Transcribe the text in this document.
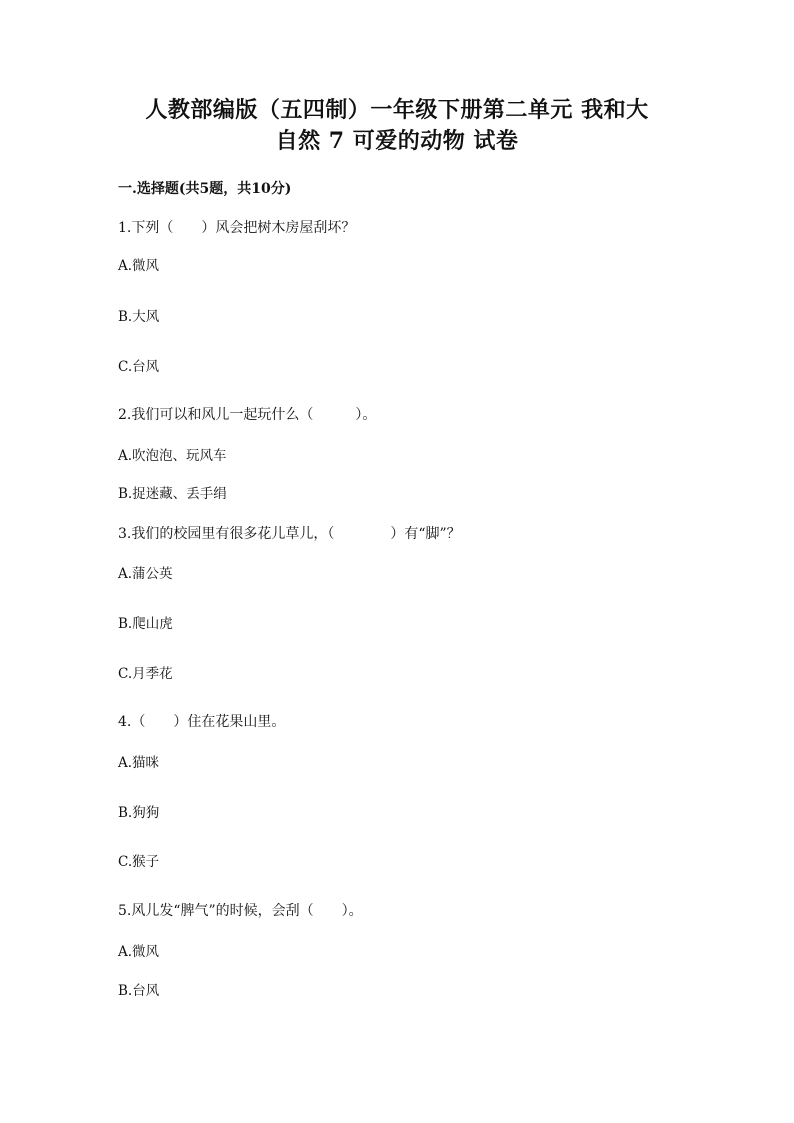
人教部编版（五四制）一年级下册第二单元 我和大
自然 7 可爱的动物 试卷
一.选择题(共5题，共10分)
1.下列（　　）风会把树木房屋刮坏？
A.微风
B.大风
C.台风
2.我们可以和风儿一起玩什么（　　　）。
A.吹泡泡、玩风车
B.捉迷藏、丢手绢
3.我们的校园里有很多花儿草儿，（　　　　）有“脚”？
A.蒲公英
B.爬山虎
C.月季花
4.（　　）住在花果山里。
A.猫咪
B.狗狗
C.猴子
5.风儿发“脾气”的时候，会刮（　　）。
A.微风
B.台风
